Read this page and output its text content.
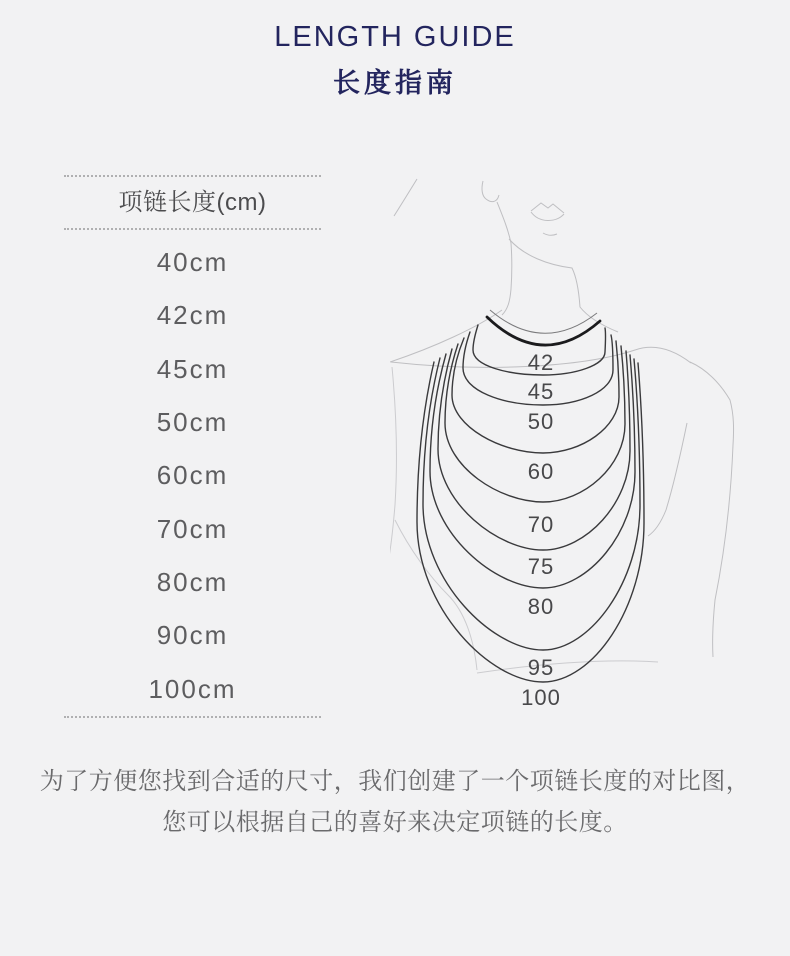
LENGTH GUIDE
长度指南
项链长度(cm)
40cm
42cm
45cm
50cm
60cm
70cm
80cm
90cm
100cm
42
45
50
60
70
75
80
95
100
为了方便您找到合适的尺寸，我们创建了一个项链长度的对比图，
您可以根据自己的喜好来决定项链的长度。
